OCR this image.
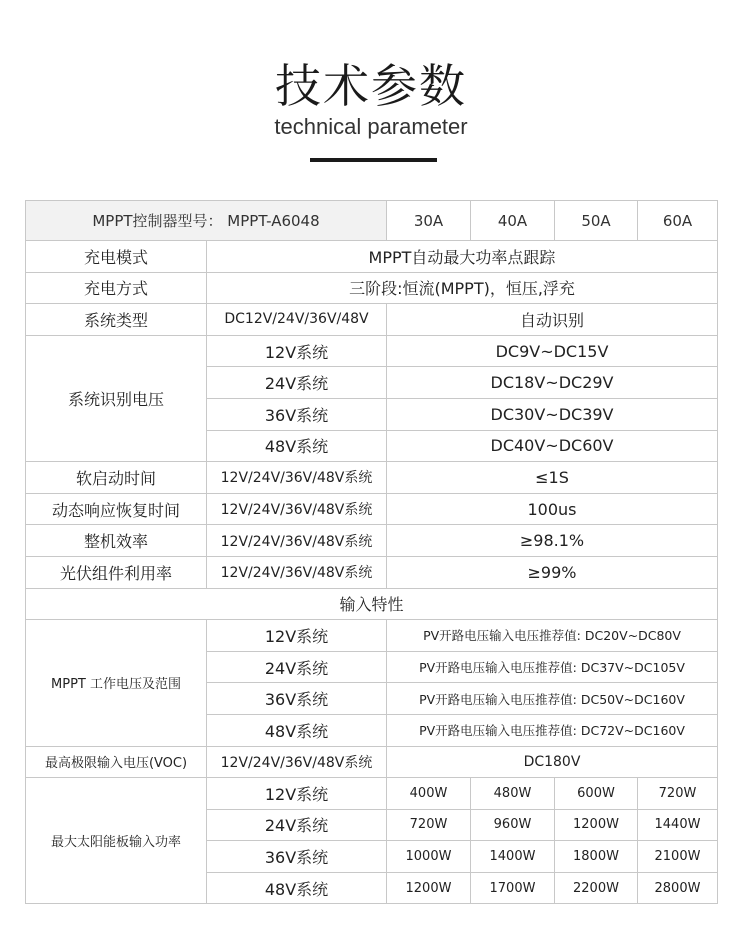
技术参数
technical parameter
MPPT控制器型号： MPPT-A6048		30A	40A	50A	60A
充电模式	MPPT自动最大功率点跟踪				
充电方式	三阶段:恒流(MPPT)，恒压,浮充				
系统类型	DC12V/24V/36V/48V	自动识别			
系统识别电压	12V系统	DC9V~DC15V			
	24V系统	DC18V~DC29V			
	36V系统	DC30V~DC39V			
	48V系统	DC40V~DC60V			
软启动时间	12V/24V/36V/48V系统	≤1S			
动态响应恢复时间	12V/24V/36V/48V系统	100us			
整机效率	12V/24V/36V/48V系统	≥98.1%			
光伏组件利用率	12V/24V/36V/48V系统	≥99%			
输入特性					
MPPT 工作电压及范围	12V系统	PV开路电压输入电压推荐值: DC20V~DC80V			
	24V系统	PV开路电压输入电压推荐值: DC37V~DC105V			
	36V系统	PV开路电压输入电压推荐值: DC50V~DC160V			
	48V系统	PV开路电压输入电压推荐值: DC72V~DC160V			
最高极限输入电压(VOC)	12V/24V/36V/48V系统	DC180V			
最大太阳能板输入功率	12V系统	400W	480W	600W	720W
	24V系统	720W	960W	1200W	1440W
	36V系统	1000W	1400W	1800W	2100W
	48V系统	1200W	1700W	2200W	2800W
